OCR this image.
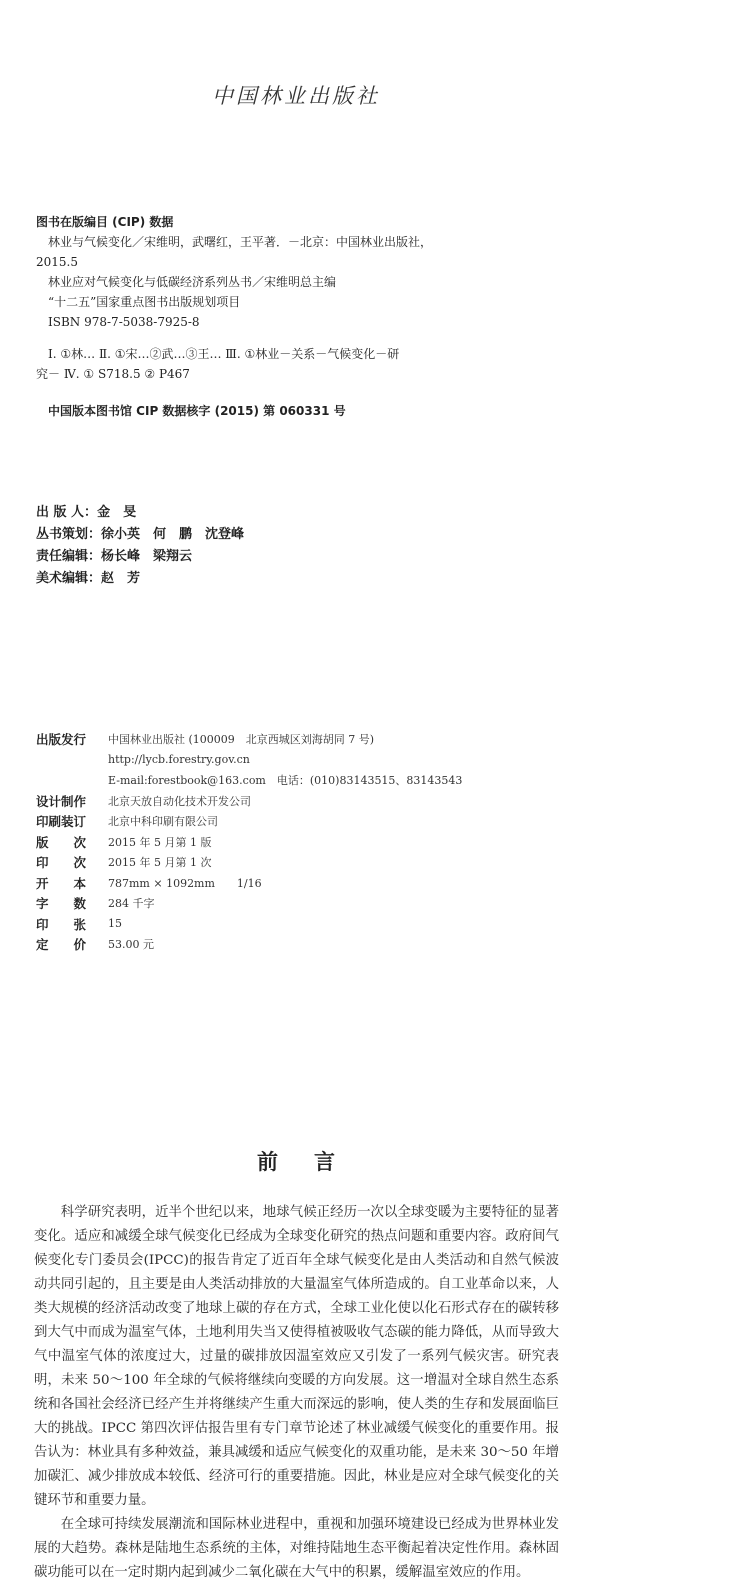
中国林业出版社
图书在版编目 (CIP) 数据
林业与气候变化／宋维明，武曙红，王平著．－北京：中国林业出版社，
2015.5
林业应对气候变化与低碳经济系列丛书／宋维明总主编
“十二五”国家重点图书出版规划项目
ISBN 978-7-5038-7925-8
Ⅰ. ①林… Ⅱ. ①宋…②武…③王… Ⅲ. ①林业－关系－气候变化－研
究－ Ⅳ. ① S718.5 ② P467
中国版本图书馆 CIP 数据核字 (2015) 第 060331 号
出 版 人：金　旻
丛书策划：徐小英　何　鹏　沈登峰
责任编辑：杨长峰　梁翔云
美术编辑：赵　芳
出版发行	中国林业出版社 (100009　北京西城区刘海胡同 7 号)
http://lycb.forestry.gov.cn
E-mail:forestbook@163.com　电话：(010)83143515、83143543
设计制作	北京天放自动化技术开发公司
印刷装订	北京中科印刷有限公司
版　　次	2015 年 5 月第 1 版
印　　次	2015 年 5 月第 1 次
开　　本	787mm × 1092mm　　1/16
字　　数	284 千字
印　　张	15
定　　价	53.00 元
前言

科学研究表明，近半个世纪以来，地球气候正经历一次以全球变暖为主要特征的显著变化。适应和减缓全球气候变化已经成为全球变化研究的热点问题和重要内容。政府间气候变化专门委员会(IPCC)的报告肯定了近百年全球气候变化是由人类活动和自然气候波动共同引起的，且主要是由人类活动排放的大量温室气体所造成的。自工业革命以来，人类大规模的经济活动改变了地球上碳的存在方式，全球工业化使以化石形式存在的碳转移到大气中而成为温室气体，土地利用失当又使得植被吸收气态碳的能力降低，从而导致大气中温室气体的浓度过大，过量的碳排放因温室效应又引发了一系列气候灾害。研究表明，未来 50～100 年全球的气候将继续向变暖的方向发展。这一增温对全球自然生态系统和各国社会经济已经产生并将继续产生重大而深远的影响，使人类的生存和发展面临巨大的挑战。IPCC 第四次评估报告里有专门章节论述了林业减缓气候变化的重要作用。报告认为：林业具有多种效益，兼具减缓和适应气候变化的双重功能，是未来 30～50 年增加碳汇、减少排放成本较低、经济可行的重要措施。因此，林业是应对全球气候变化的关键环节和重要力量。

在全球可持续发展潮流和国际林业进程中，重视和加强环境建设已经成为世界林业发展的大趋势。森林是陆地生态系统的主体，对维持陆地生态平衡起着决定性作用。森林固碳功能可以在一定时期内起到减少二氧化碳在大气中的积累，缓解温室效应的作用。
